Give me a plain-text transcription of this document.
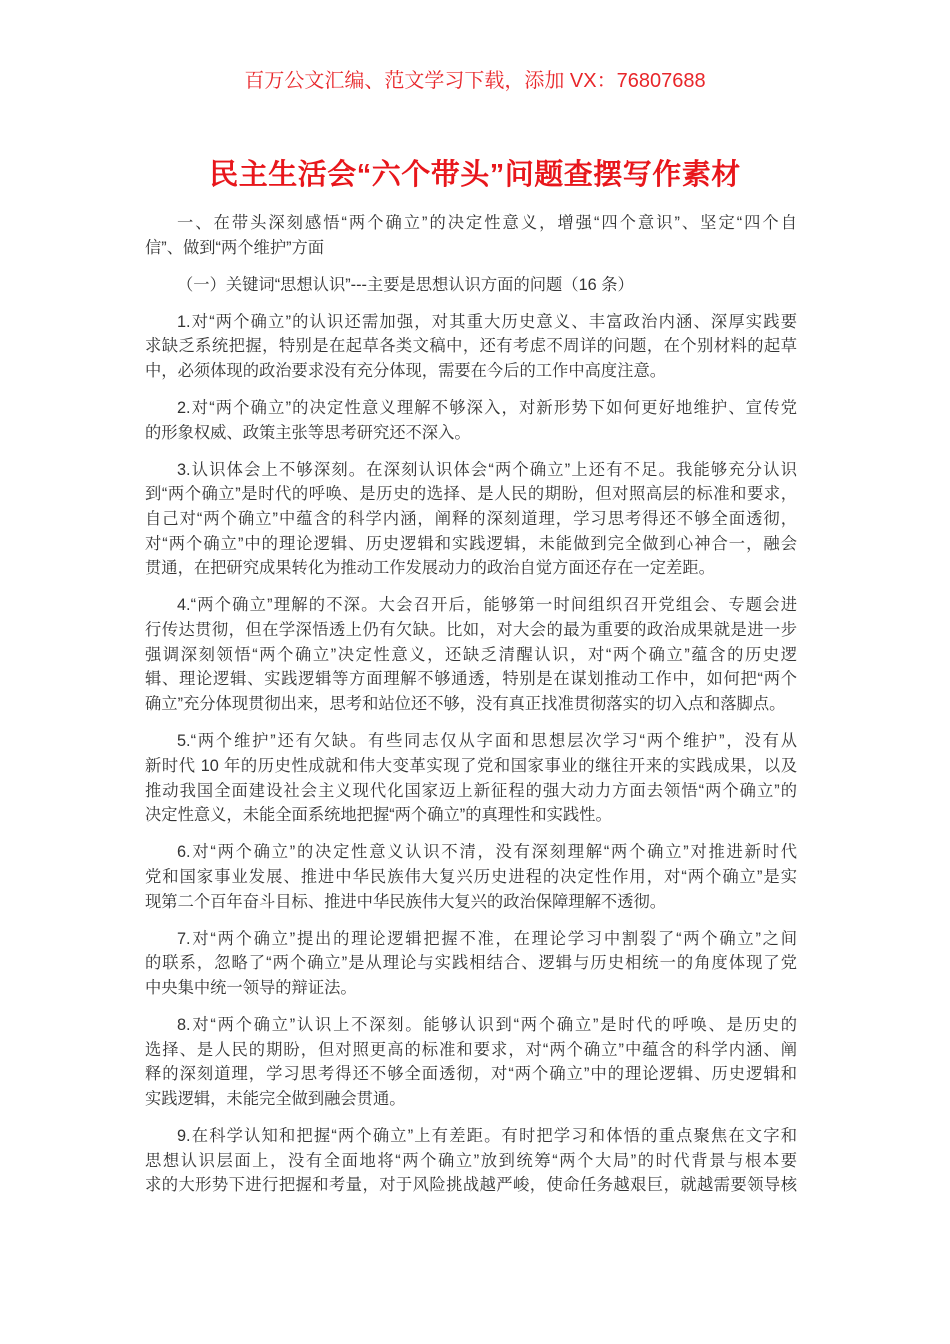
百万公文汇编、范文学习下载，添加 VX：76807688
民主生活会“六个带头”问题查摆写作素材
一、在带头深刻感悟“两个确立”的决定性意义，增强“四个意识”、坚定“四个自
信”、做到“两个维护”方面
（一）关键词“思想认识”---主要是思想认识方面的问题（16 条）
1.对“两个确立”的认识还需加强，对其重大历史意义、丰富政治内涵、深厚实践要
求缺乏系统把握，特别是在起草各类文稿中，还有考虑不周详的问题，在个别材料的起草
中，必须体现的政治要求没有充分体现，需要在今后的工作中高度注意。
2.对“两个确立”的决定性意义理解不够深入，对新形势下如何更好地维护、宣传党
的形象权威、政策主张等思考研究还不深入。
3.认识体会上不够深刻。在深刻认识体会“两个确立”上还有不足。我能够充分认识
到“两个确立”是时代的呼唤、是历史的选择、是人民的期盼，但对照高层的标准和要求，
自己对“两个确立”中蕴含的科学内涵，阐释的深刻道理，学习思考得还不够全面透彻，
对“两个确立”中的理论逻辑、历史逻辑和实践逻辑，未能做到完全做到心神合一，融会
贯通，在把研究成果转化为推动工作发展动力的政治自觉方面还存在一定差距。
4.“两个确立”理解的不深。大会召开后，能够第一时间组织召开党组会、专题会进
行传达贯彻，但在学深悟透上仍有欠缺。比如，对大会的最为重要的政治成果就是进一步
强调深刻领悟“两个确立”决定性意义，还缺乏清醒认识，对“两个确立”蕴含的历史逻
辑、理论逻辑、实践逻辑等方面理解不够通透，特别是在谋划推动工作中，如何把“两个
确立”充分体现贯彻出来，思考和站位还不够，没有真正找准贯彻落实的切入点和落脚点。
5.“两个维护”还有欠缺。有些同志仅从字面和思想层次学习“两个维护”，没有从
新时代 10 年的历史性成就和伟大变革实现了党和国家事业的继往开来的实践成果，以及
推动我国全面建设社会主义现代化国家迈上新征程的强大动力方面去领悟“两个确立”的
决定性意义，未能全面系统地把握“两个确立”的真理性和实践性。
6.对“两个确立”的决定性意义认识不清，没有深刻理解“两个确立”对推进新时代
党和国家事业发展、推进中华民族伟大复兴历史进程的决定性作用，对“两个确立”是实
现第二个百年奋斗目标、推进中华民族伟大复兴的政治保障理解不透彻。
7.对“两个确立”提出的理论逻辑把握不准，在理论学习中割裂了“两个确立”之间
的联系，忽略了“两个确立”是从理论与实践相结合、逻辑与历史相统一的角度体现了党
中央集中统一领导的辩证法。
8.对“两个确立”认识上不深刻。能够认识到“两个确立”是时代的呼唤、是历史的
选择、是人民的期盼，但对照更高的标准和要求，对“两个确立”中蕴含的科学内涵、阐
释的深刻道理，学习思考得还不够全面透彻，对“两个确立”中的理论逻辑、历史逻辑和
实践逻辑，未能完全做到融会贯通。
9.在科学认知和把握“两个确立”上有差距。有时把学习和体悟的重点聚焦在文字和
思想认识层面上，没有全面地将“两个确立”放到统筹“两个大局”的时代背景与根本要
求的大形势下进行把握和考量，对于风险挑战越严峻，使命任务越艰巨，就越需要领导核
